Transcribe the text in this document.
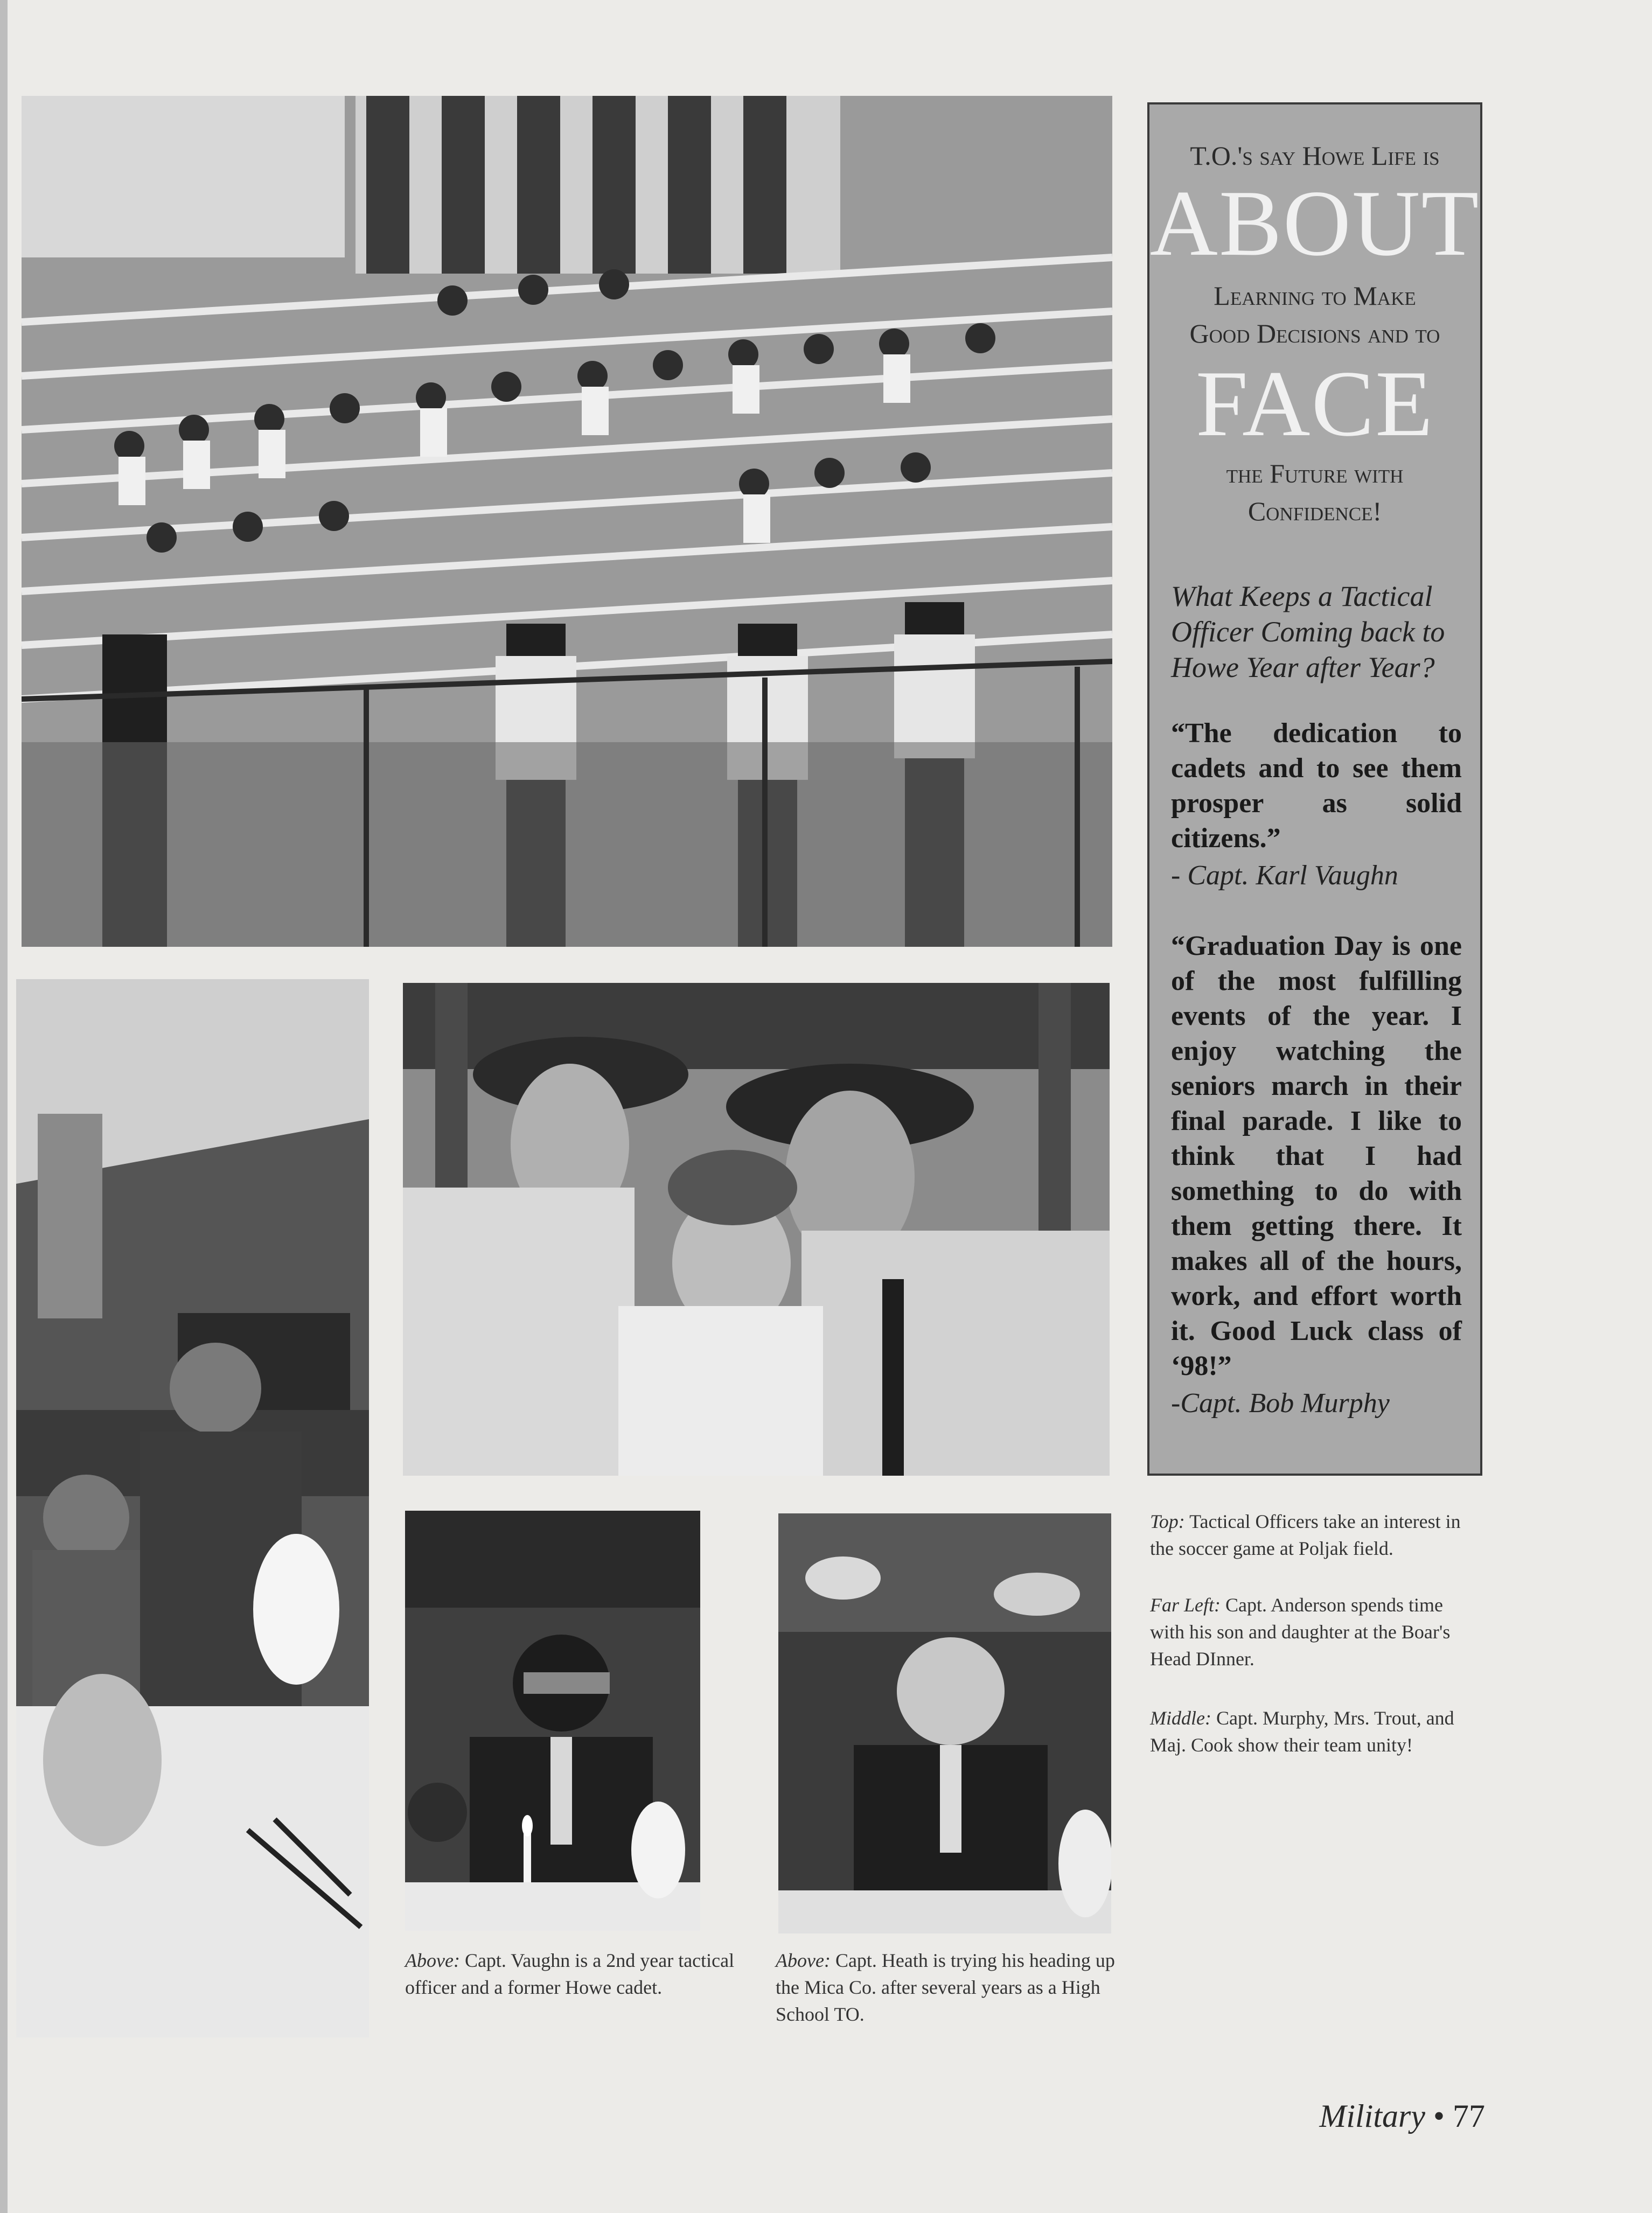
T.O.'s say Howe Life is
ABOUT
Learning to Make
Good Decisions and to
FACE
the Future with
Confidence!
What Keeps a Tactical Officer Coming back to Howe Year after Year?
“The dedication to cadets and to see them prosper as solid citizens.”
- Capt. Karl Vaughn
“Graduation Day is one of the most fulfilling events of the year. I enjoy watching the seniors march in their final parade. I like to think that I had something to do with them getting there. It makes all of the hours, work, and effort worth it. Good Luck class of ‘98!”
-Capt. Bob Murphy
Top: Tactical Officers take an interest in the soccer game at Poljak field.
Far Left: Capt. Anderson spends time with his son and daughter at the Boar's Head DInner.
Middle: Capt. Murphy, Mrs. Trout, and Maj. Cook show their team unity!
Above: Capt. Vaughn is a 2nd year tactical officer and a former Howe cadet.
Above: Capt. Heath is trying his heading up the Mica Co. after several years as a High School TO.
Military • 77
